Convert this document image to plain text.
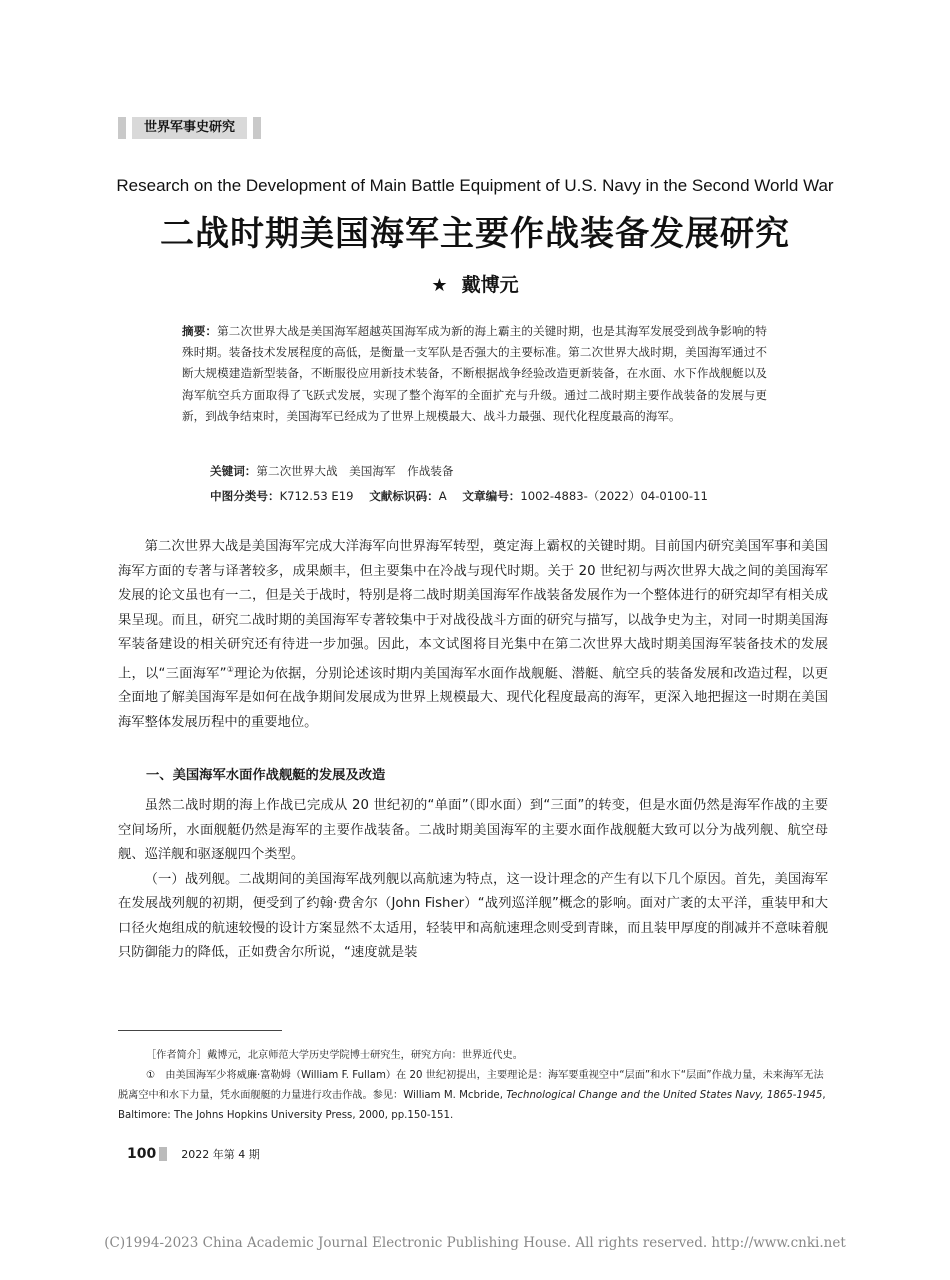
世界军事史研究
Research on the Development of Main Battle Equipment of U.S. Navy in the Second World War
二战时期美国海军主要作战装备发展研究
★ 戴博元
摘要：第二次世界大战是美国海军超越英国海军成为新的海上霸主的关键时期，也是其海军发展受到战争影响的特殊时期。装备技术发展程度的高低，是衡量一支军队是否强大的主要标准。第二次世界大战时期，美国海军通过不断大规模建造新型装备，不断服役应用新技术装备，不断根据战争经验改造更新装备，在水面、水下作战舰艇以及海军航空兵方面取得了飞跃式发展，实现了整个海军的全面扩充与升级。通过二战时期主要作战装备的发展与更新，到战争结束时，美国海军已经成为了世界上规模最大、战斗力最强、现代化程度最高的海军。
关键词：第二次世界大战　美国海军　作战装备
中图分类号：K712.53 E19 文献标识码：A 文章编号：1002-4883-（2022）04-0100-11

第二次世界大战是美国海军完成大洋海军向世界海军转型，奠定海上霸权的关键时期。目前国内研究美国军事和美国海军方面的专著与译著较多，成果颇丰，但主要集中在冷战与现代时期。关于 20 世纪初与两次世界大战之间的美国海军发展的论文虽也有一二，但是关于战时，特别是将二战时期美国海军作战装备发展作为一个整体进行的研究却罕有相关成果呈现。而且，研究二战时期的美国海军专著较集中于对战役战斗方面的研究与描写，以战争史为主，对同一时期美国海军装备建设的相关研究还有待进一步加强。因此，本文试图将目光集中在第二次世界大战时期美国海军装备技术的发展上，以“三面海军”①理论为依据，分别论述该时期内美国海军水面作战舰艇、潜艇、航空兵的装备发展和改造过程，以更全面地了解美国海军是如何在战争期间发展成为世界上规模最大、现代化程度最高的海军，更深入地把握这一时期在美国海军整体发展历程中的重要地位。

一、美国海军水面作战舰艇的发展及改造

虽然二战时期的海上作战已完成从 20 世纪初的“单面”（即水面）到“三面”的转变，但是水面仍然是海军作战的主要空间场所，水面舰艇仍然是海军的主要作战装备。二战时期美国海军的主要水面作战舰艇大致可以分为战列舰、航空母舰、巡洋舰和驱逐舰四个类型。

（一）战列舰。二战期间的美国海军战列舰以高航速为特点，这一设计理念的产生有以下几个原因。首先，美国海军在发展战列舰的初期，便受到了约翰·费舍尔（John Fisher）“战列巡洋舰”概念的影响。面对广袤的太平洋，重装甲和大口径火炮组成的航速较慢的设计方案显然不太适用，轻装甲和高航速理念则受到青睐，而且装甲厚度的削减并不意味着舰只防御能力的降低，正如费舍尔所说，“速度就是装

［作者简介］戴博元，北京师范大学历史学院博士研究生，研究方向：世界近代史。

①　 由美国海军少将威廉·富勒姆（William F. Fullam）在 20 世纪初提出，主要理论是：海军要重视空中“层面”和水下“层面”作战力量，未来海军无法脱离空中和水下力量，凭水面舰艇的力量进行攻击作战。参见：William M. Mcbride, Technological Change and the United States Navy, 1865-1945, Baltimore: The Johns Hopkins University Press, 2000, pp.150-151.

100 2022 年第 4 期
(C)1994-2023 China Academic Journal Electronic Publishing House. All rights reserved. http://www.cnki.net
